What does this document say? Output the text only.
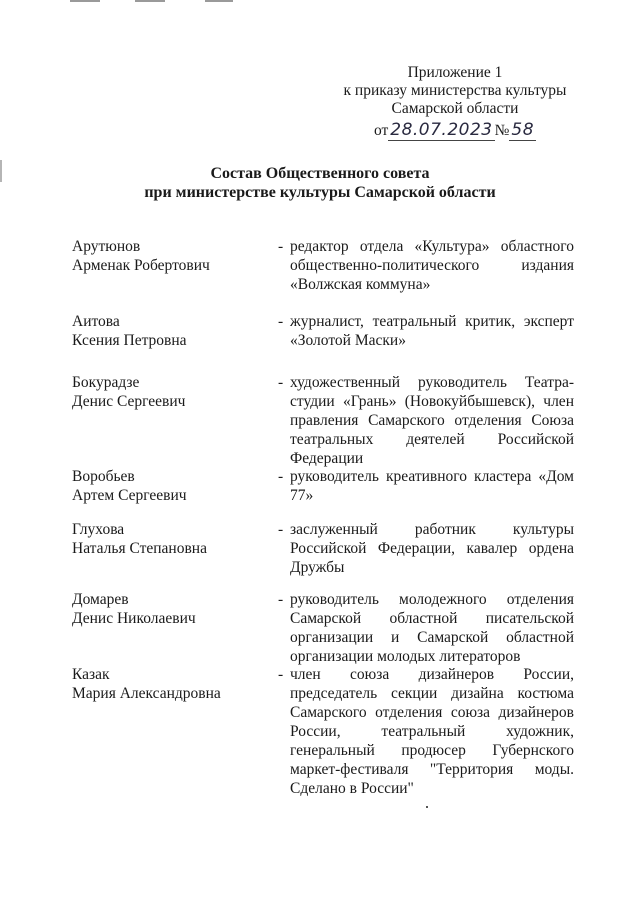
Приложение 1
к приказу министерства культуры
Самарской области
от 28.07.2023 № 58
Состав Общественного совета
при министерстве культуры Самарской области
Арутюнов
Арменак Робертович
- редактор отдела «Культура» областного общественно-политического издания «Волжская коммуна»
Аитова
Ксения Петровна
- журналист, театральный критик, эксперт «Золотой Маски»
Бокурадзе
Денис Сергеевич
- художественный руководитель Театра-студии «Грань» (Новокуйбышевск), член правления Самарского отделения Союза театральных деятелей Российской Федерации
Воробьев
Артем Сергеевич
- руководитель креативного кластера «Дом 77»
Глухова
Наталья Степановна
- заслуженный работник культуры Российской Федерации, кавалер ордена Дружбы
Домарев
Денис Николаевич
- руководитель молодежного отделения Самарской областной писательской организации и Самарской областной организации молодых литераторов
Казак
Мария Александровна
- член союза дизайнеров России, председатель секции дизайна костюма Самарского отделения союза дизайнеров России, театральный художник, генеральный продюсер Губернского маркет-фестиваля "Территория моды. Сделано в России"
